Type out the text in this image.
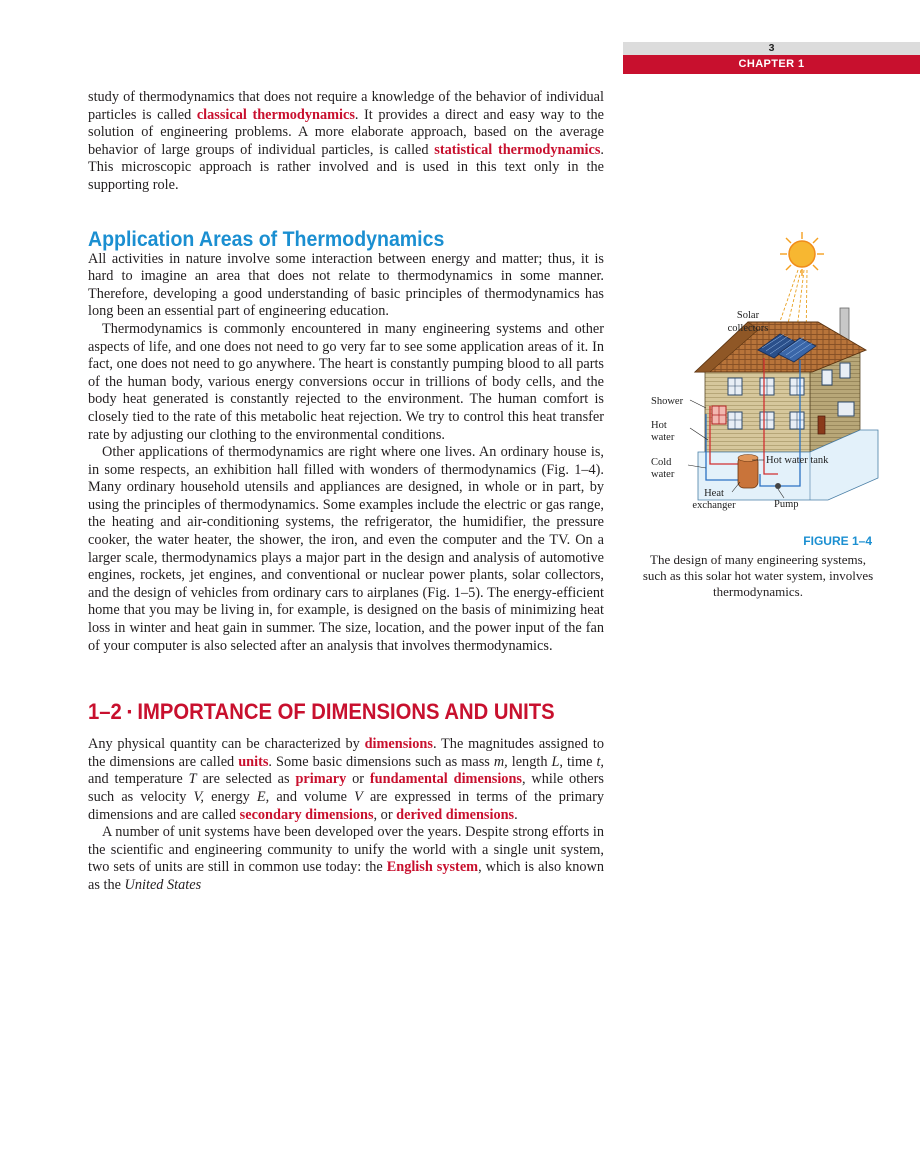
3
CHAPTER 1

study of thermodynamics that does not require a knowledge of the behavior of individual particles is called classical thermodynamics. It provides a direct and easy way to the solution of engineering problems. A more elaborate approach, based on the average behavior of large groups of individual particles, is called statistical thermodynamics. This microscopic approach is rather involved and is used in this text only in the supporting role.

Application Areas of Thermodynamics

All activities in nature involve some interaction between energy and matter; thus, it is hard to imagine an area that does not relate to thermodynamics in some manner. Therefore, developing a good understanding of basic principles of thermodynamics has long been an essential part of engineering education.

Thermodynamics is commonly encountered in many engineering systems and other aspects of life, and one does not need to go very far to see some application areas of it. In fact, one does not need to go anywhere. The heart is constantly pumping blood to all parts of the human body, various energy conversions occur in trillions of body cells, and the body heat generated is constantly rejected to the environment. The human comfort is closely tied to the rate of this metabolic heat rejection. We try to control this heat transfer rate by adjusting our clothing to the environmental conditions.

Other applications of thermodynamics are right where one lives. An ordinary house is, in some respects, an exhibition hall filled with wonders of thermodynamics (Fig. 1–4). Many ordinary household utensils and appliances are designed, in whole or in part, by using the principles of thermodynamics. Some examples include the electric or gas range, the heating and air-conditioning systems, the refrigerator, the humidifier, the pressure cooker, the water heater, the shower, the iron, and even the computer and the TV. On a larger scale, thermodynamics plays a major part in the design and analysis of automotive engines, rockets, jet engines, and conventional or nuclear power plants, solar collectors, and the design of vehicles from ordinary cars to airplanes (Fig. 1–5). The energy-efficient home that you may be living in, for example, is designed on the basis of minimizing heat loss in winter and heat gain in summer. The size, location, and the power input of the fan of your computer is also selected after an analysis that involves thermodynamics.

1–2 ▪ IMPORTANCE OF DIMENSIONS AND UNITS

Any physical quantity can be characterized by dimensions. The magnitudes assigned to the dimensions are called units. Some basic dimensions such as mass m, length L, time t, and temperature T are selected as primary or fundamental dimensions, while others such as velocity V, energy E, and volume V are expressed in terms of the primary dimensions and are called secondary dimensions, or derived dimensions.

A number of unit systems have been developed over the years. Despite strong efforts in the scientific and engineering community to unify the world with a single unit system, two sets of units are still in common use today: the English system, which is also known as the United States

Solar
collectors
Shower
Hot
water
Cold
water
Hot water tank
Heat
exchanger	Pump
FIGURE 1–4
The design of many engineering systems, such as this solar hot water system, involves thermodynamics.
